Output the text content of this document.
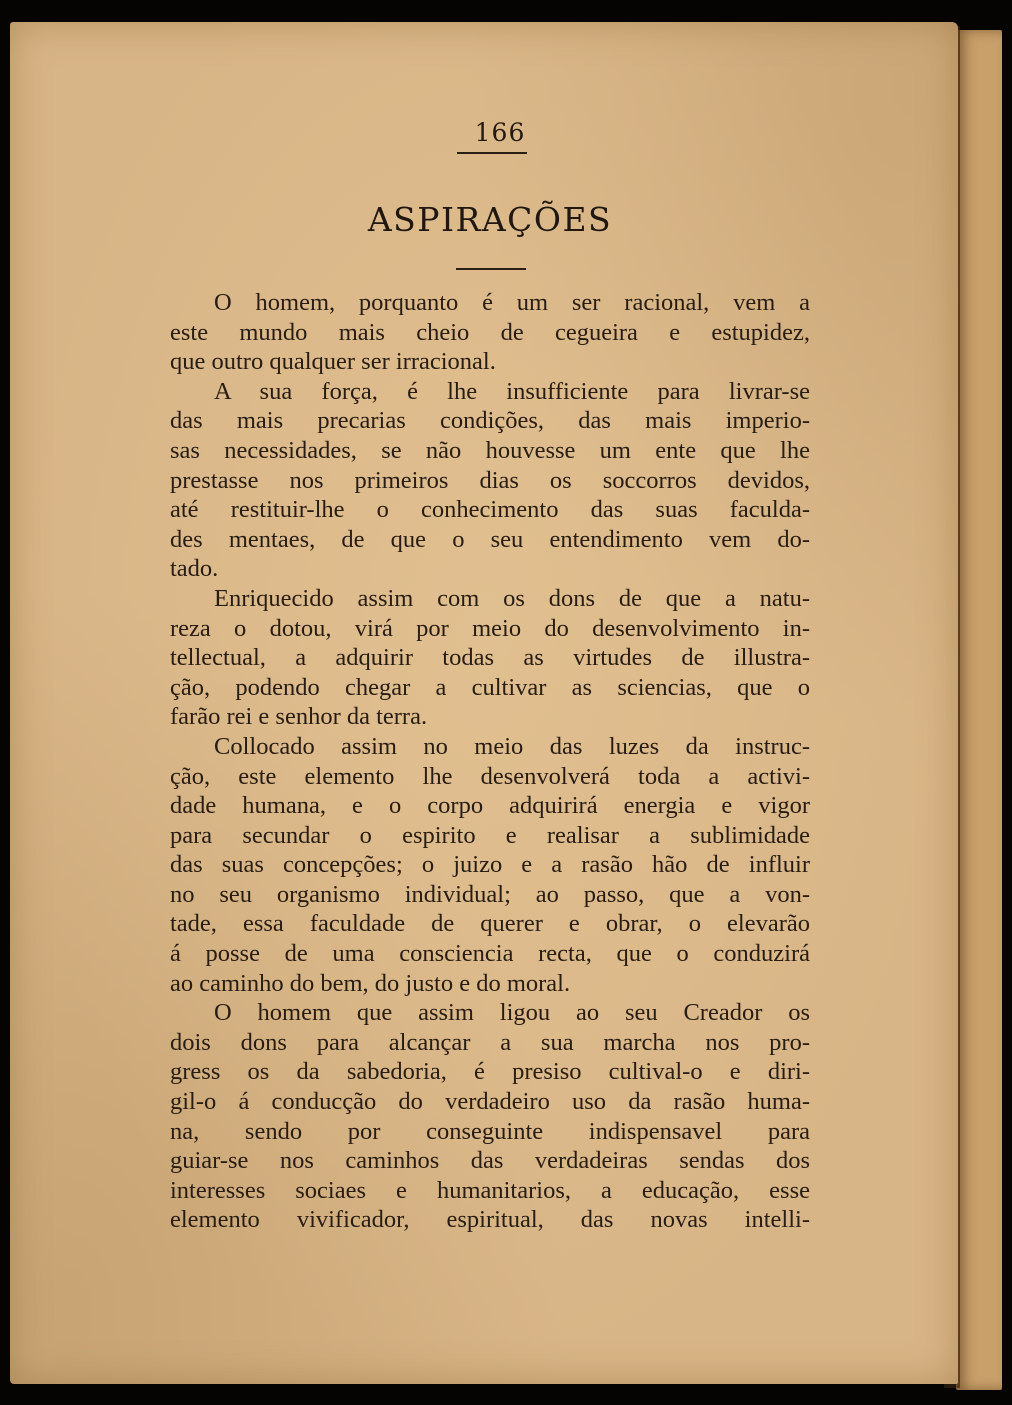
166
ASPIRAÇÕES
O homem, porquanto é um ser racional, vem a
este mundo mais cheio de cegueira e estupidez,
que outro qualquer ser irracional.
A sua força, é lhe insufficiente para livrar-se
das mais precarias condições, das mais imperio-
sas necessidades, se não houvesse um ente que lhe
prestasse nos primeiros dias os soccorros devidos,
até restituir-lhe o conhecimento das suas faculda-
des mentaes, de que o seu entendimento vem do-
tado.
Enriquecido assim com os dons de que a natu-
reza o dotou, virá por meio do desenvolvimento in-
tellectual, a adquirir todas as virtudes de illustra-
ção, podendo chegar a cultivar as sciencias, que o
farão rei e senhor da terra.
Collocado assim no meio das luzes da instruc-
ção, este elemento lhe desenvolverá toda a activi-
dade humana, e o corpo adquirirá energia e vigor
para secundar o espirito e realisar a sublimidade
das suas concepções; o juizo e a rasão hão de influir
no seu organismo individual; ao passo, que a von-
tade, essa faculdade de querer e obrar, o elevarão
á posse de uma consciencia recta, que o conduzirá
ao caminho do bem, do justo e do moral.
O homem que assim ligou ao seu Creador os
dois dons para alcançar a sua marcha nos pro-
gress os da sabedoria, é presiso cultival-o e diri-
gil-o á conducção do verdadeiro uso da rasão huma-
na, sendo por conseguinte indispensavel para
guiar-se nos caminhos das verdadeiras sendas dos
interesses sociaes e humanitarios, a educação, esse
elemento vivificador, espiritual, das novas intelli-
